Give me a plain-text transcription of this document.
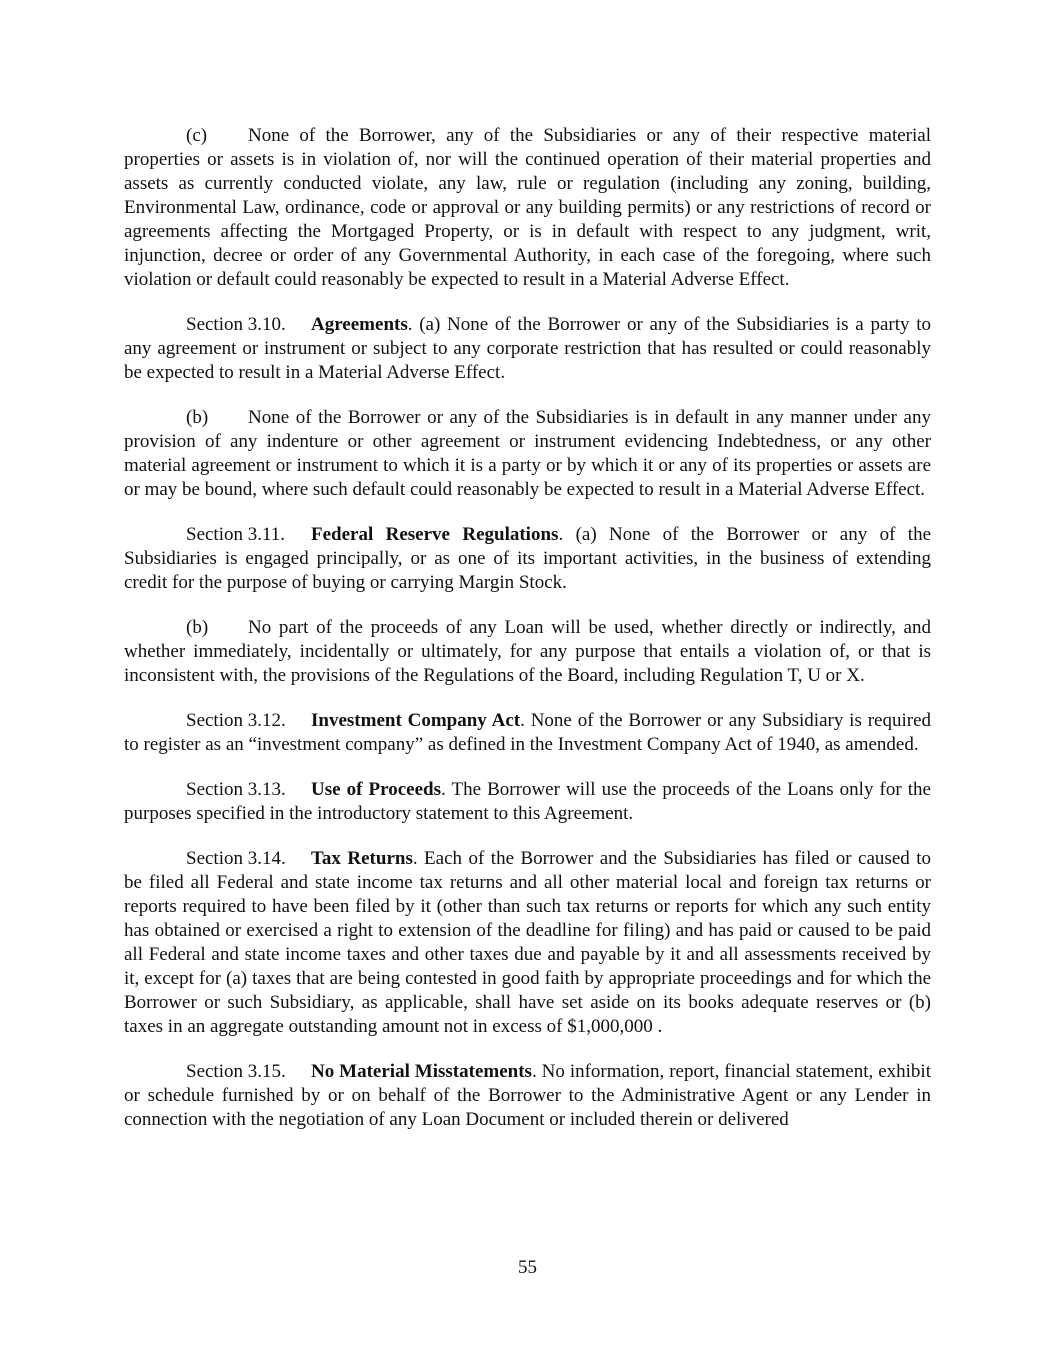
(c) None of the Borrower, any of the Subsidiaries or any of their respective material properties or assets is in violation of, nor will the continued operation of their material properties and assets as currently conducted violate, any law, rule or regulation (including any zoning, building, Environmental Law, ordinance, code or approval or any building permits) or any restrictions of record or agreements affecting the Mortgaged Property, or is in default with respect to any judgment, writ, injunction, decree or order of any Governmental Authority, in each case of the foregoing, where such violation or default could reasonably be expected to result in a Material Adverse Effect.

Section 3.10. Agreements. (a) None of the Borrower or any of the Subsidiaries is a party to any agreement or instrument or subject to any corporate restriction that has resulted or could reasonably be expected to result in a Material Adverse Effect.

(b) None of the Borrower or any of the Subsidiaries is in default in any manner under any provision of any indenture or other agreement or instrument evidencing Indebtedness, or any other material agreement or instrument to which it is a party or by which it or any of its properties or assets are or may be bound, where such default could reasonably be expected to result in a Material Adverse Effect.

Section 3.11. Federal Reserve Regulations. (a) None of the Borrower or any of the Subsidiaries is engaged principally, or as one of its important activities, in the business of extending credit for the purpose of buying or carrying Margin Stock.

(b) No part of the proceeds of any Loan will be used, whether directly or indirectly, and whether immediately, incidentally or ultimately, for any purpose that entails a violation of, or that is inconsistent with, the provisions of the Regulations of the Board, including Regulation T, U or X.

Section 3.12. Investment Company Act. None of the Borrower or any Subsidiary is required to register as an “investment company” as defined in the Investment Company Act of 1940, as amended.

Section 3.13. Use of Proceeds. The Borrower will use the proceeds of the Loans only for the purposes specified in the introductory statement to this Agreement.

Section 3.14. Tax Returns. Each of the Borrower and the Subsidiaries has filed or caused to be filed all Federal and state income tax returns and all other material local and foreign tax returns or reports required to have been filed by it (other than such tax returns or reports for which any such entity has obtained or exercised a right to extension of the deadline for filing) and has paid or caused to be paid all Federal and state income taxes and other taxes due and payable by it and all assessments received by it, except for (a) taxes that are being contested in good faith by appropriate proceedings and for which the Borrower or such Subsidiary, as applicable, shall have set aside on its books adequate reserves or (b) taxes in an aggregate outstanding amount not in excess of $1,000,000 .

Section 3.15. No Material Misstatements. No information, report, financial statement, exhibit or schedule furnished by or on behalf of the Borrower to the Administrative Agent or any Lender in connection with the negotiation of any Loan Document or included therein or delivered

55
